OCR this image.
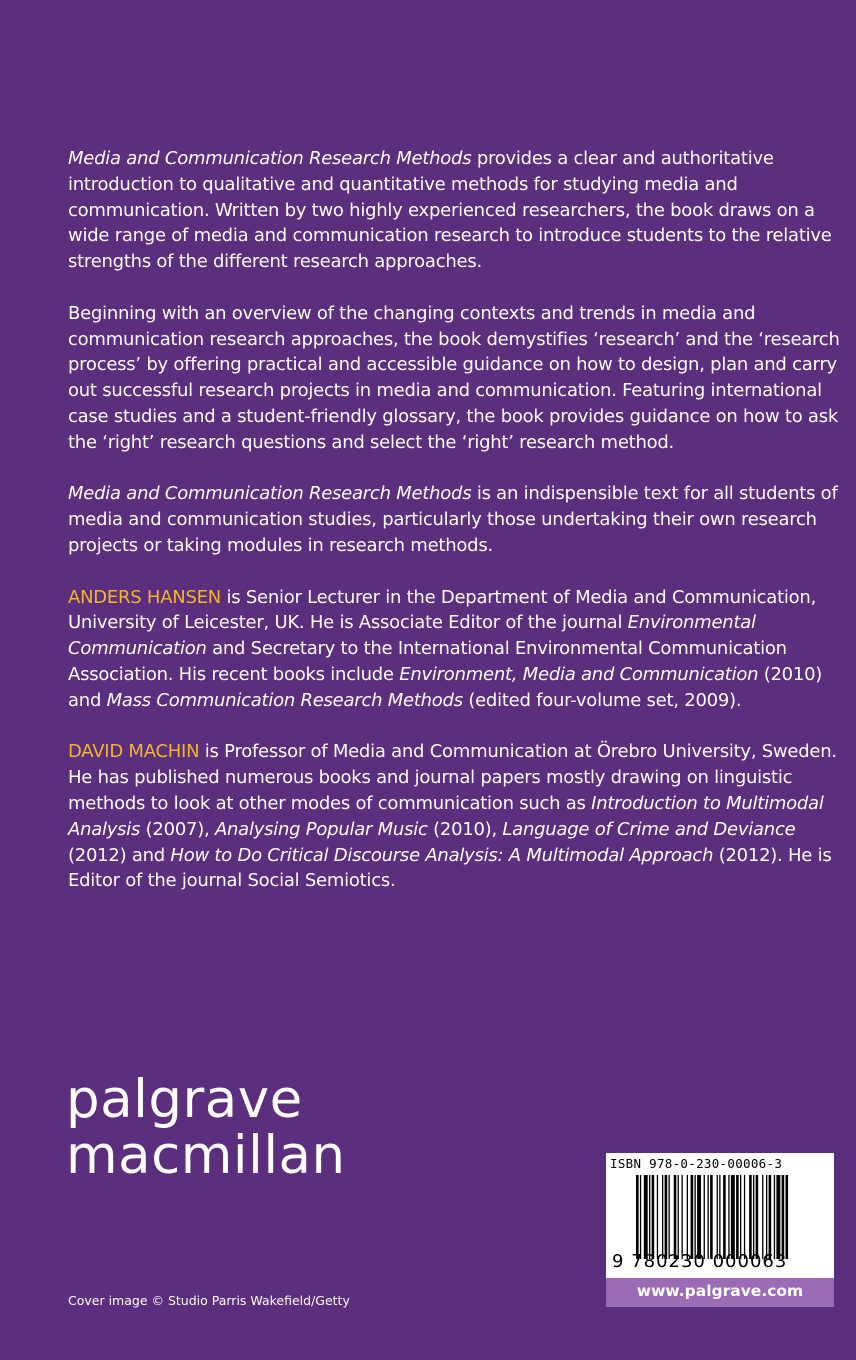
Media and Communication Research Methods provides a clear and authoritative introduction to qualitative and quantitative methods for studying media and communication. Written by two highly experienced researchers, the book draws on a wide range of media and communication research to introduce students to the relative strengths of the different research approaches.

Beginning with an overview of the changing contexts and trends in media and communication research approaches, the book demystifies ‘research’ and the ‘research process’ by offering practical and accessible guidance on how to design, plan and carry out successful research projects in media and communication. Featuring international case studies and a student-friendly glossary, the book provides guidance on how to ask the ‘right’ research questions and select the ‘right’ research method.

Media and Communication Research Methods is an indispensible text for all students of media and communication studies, particularly those undertaking their own research projects or taking modules in research methods.

ANDERS HANSEN is Senior Lecturer in the Department of Media and Communication, University of Leicester, UK. He is Associate Editor of the journal Environmental Communication and Secretary to the International Environmental Communication Association. His recent books include Environment, Media and Communication (2010) and Mass Communication Research Methods (edited four-volume set, 2009).

DAVID MACHIN is Professor of Media and Communication at Örebro University, Sweden. He has published numerous books and journal papers mostly drawing on linguistic methods to look at other modes of communication such as Introduction to Multimodal Analysis (2007), Analysing Popular Music (2010), Language of Crime and Deviance (2012) and How to Do Critical Discourse Analysis: A Multimodal Approach (2012). He is Editor of the journal Social Semiotics.

palgrave
macmillan
Cover image © Studio Parris Wakefield/Getty
ISBN 978-0-230-00006-3
9 780230 000063
www.palgrave.com
